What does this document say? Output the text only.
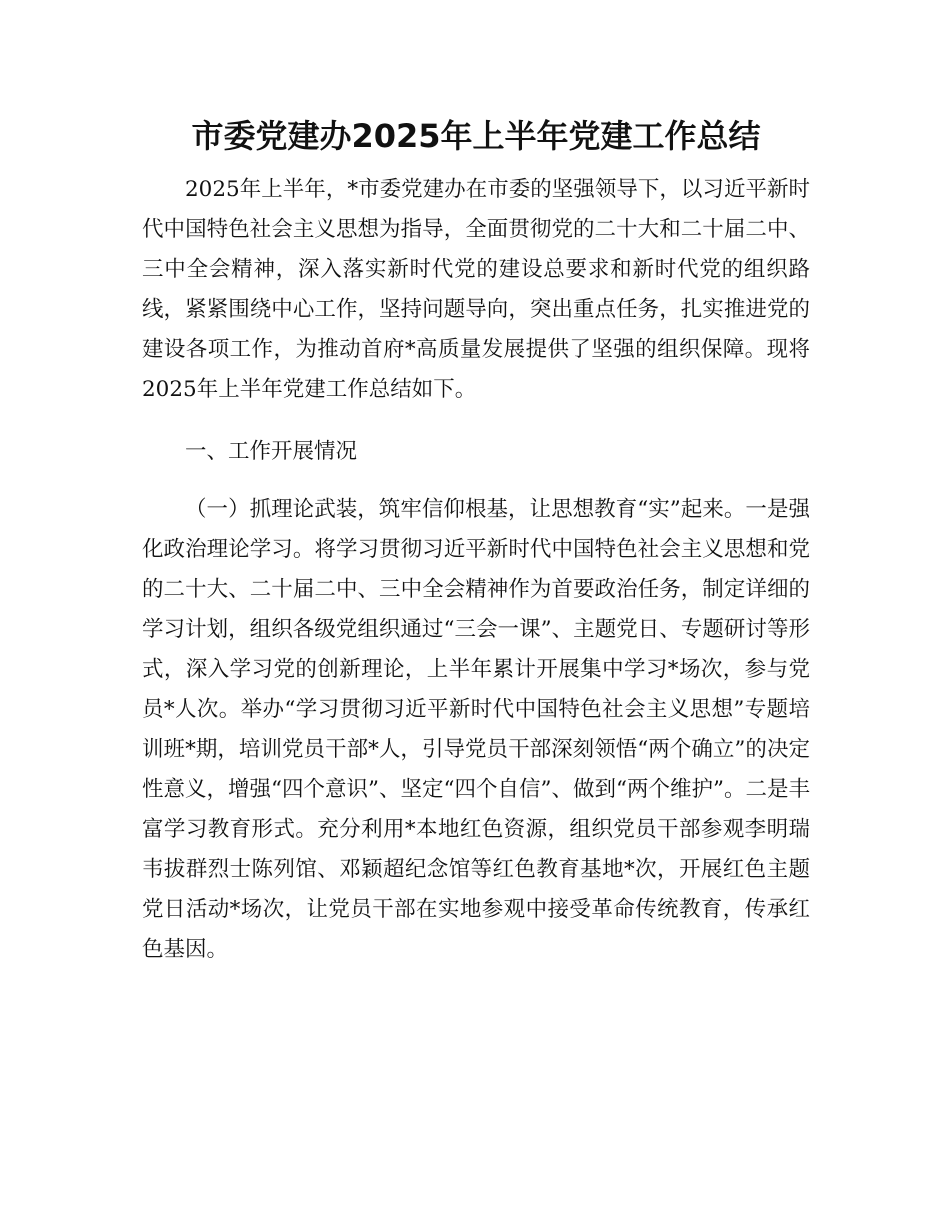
市委党建办2025年上半年党建工作总结

2025年上半年，*市委党建办在市委的坚强领导下，以习近平新时代中国特色社会主义思想为指导，全面贯彻党的二十大和二十届二中、三中全会精神，深入落实新时代党的建设总要求和新时代党的组织路线，紧紧围绕中心工作，坚持问题导向，突出重点任务，扎实推进党的建设各项工作，为推动首府*高质量发展提供了坚强的组织保障。现将2025年上半年党建工作总结如下。

一、工作开展情况

（一）抓理论武装，筑牢信仰根基，让思想教育“实”起来。一是强化政治理论学习。将学习贯彻习近平新时代中国特色社会主义思想和党的二十大、二十届二中、三中全会精神作为首要政治任务，制定详细的学习计划，组织各级党组织通过“三会一课”、主题党日、专题研讨等形式，深入学习党的创新理论，上半年累计开展集中学习*场次，参与党员*人次。举办“学习贯彻习近平新时代中国特色社会主义思想”专题培训班*期，培训党员干部*人，引导党员干部深刻领悟“两个确立”的决定性意义，增强“四个意识”、坚定“四个自信”、做到“两个维护”。二是丰富学习教育形式。充分利用*本地红色资源，组织党员干部参观李明瑞韦拔群烈士陈列馆、邓颖超纪念馆等红色教育基地*次，开展红色主题党日活动*场次，让党员干部在实地参观中接受革命传统教育，传承红色基因。
